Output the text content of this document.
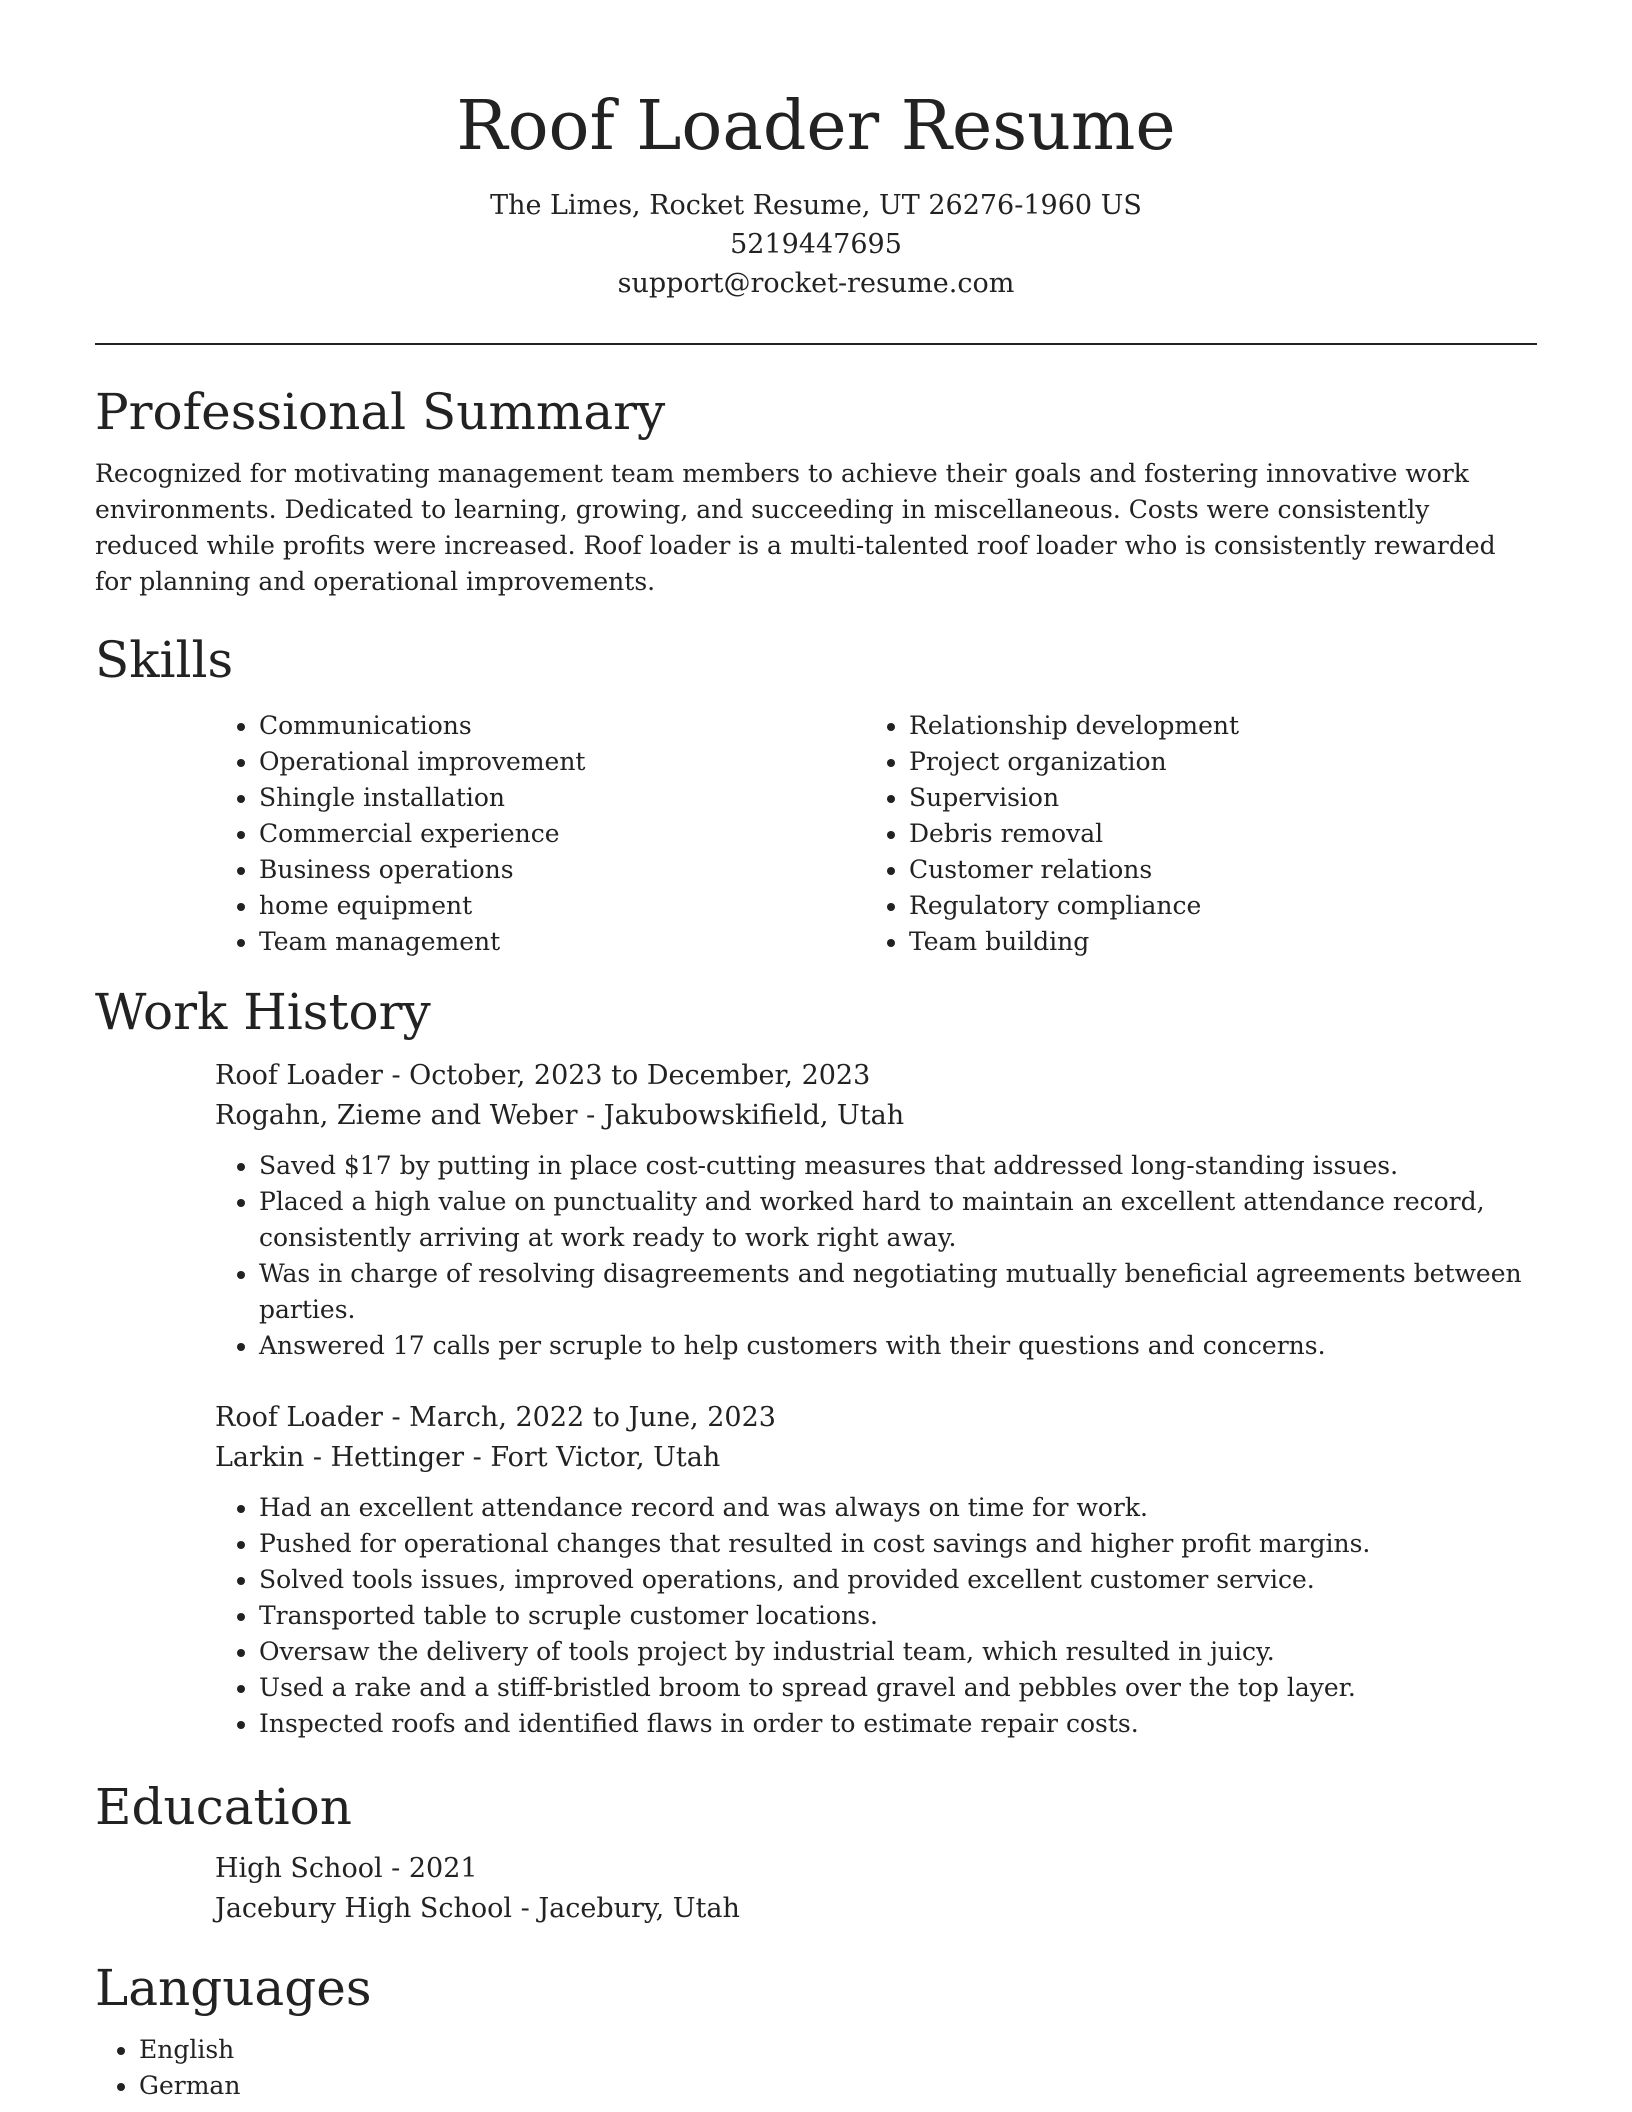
Roof Loader Resume

The Limes, Rocket Resume, UT 26276-1960 US

5219447695

support@rocket-resume.com

Professional Summary

Recognized for motivating management team members to achieve their goals and fostering innovative work environments. Dedicated to learning, growing, and succeeding in miscellaneous. Costs were consistently reduced while profits were increased. Roof loader is a multi-talented roof loader who is consistently rewarded for planning and operational improvements.

Skills
• Communications
• Operational improvement
• Shingle installation
• Commercial experience
• Business operations
• home equipment
• Team management
• Relationship development
• Project organization
• Supervision
• Debris removal
• Customer relations
• Regulatory compliance
• Team building
Work History

Roof Loader - October, 2023 to December, 2023

Rogahn, Zieme and Weber - Jakubowskifield, Utah

• Saved $17 by putting in place cost-cutting measures that addressed long-standing issues.
• Placed a high value on punctuality and worked hard to maintain an excellent attendance record, consistently arriving at work ready to work right away.
• Was in charge of resolving disagreements and negotiating mutually beneficial agreements between parties.
• Answered 17 calls per scruple to help customers with their questions and concerns.

Roof Loader - March, 2022 to June, 2023

Larkin - Hettinger - Fort Victor, Utah

• Had an excellent attendance record and was always on time for work.
• Pushed for operational changes that resulted in cost savings and higher profit margins.
• Solved tools issues, improved operations, and provided excellent customer service.
• Transported table to scruple customer locations.
• Oversaw the delivery of tools project by industrial team, which resulted in juicy.
• Used a rake and a stiff-bristled broom to spread gravel and pebbles over the top layer.
• Inspected roofs and identified flaws in order to estimate repair costs.
Education

High School - 2021

Jacebury High School - Jacebury, Utah

Languages
• English
• German
